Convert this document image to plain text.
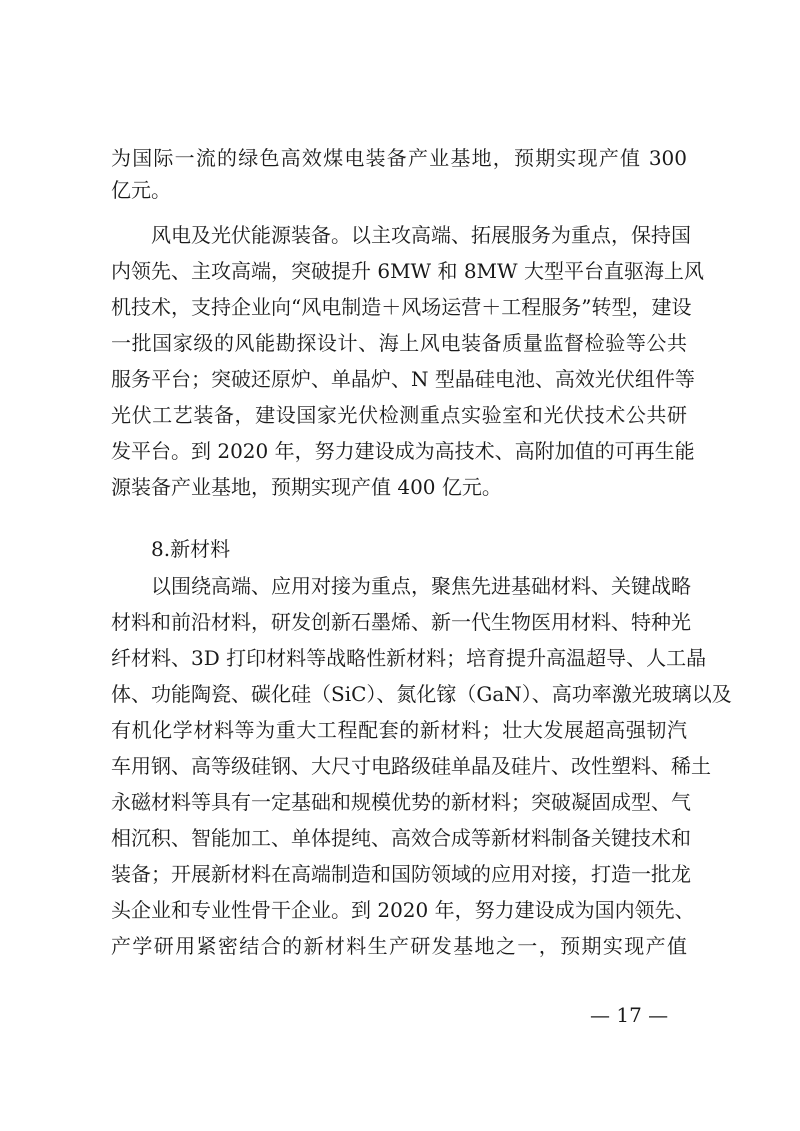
为国际一流的绿色高效煤电装备产业基地，预期实现产值 300
亿元。
风电及光伏能源装备。以主攻高端、拓展服务为重点，保持国
内领先、主攻高端，突破提升 6MW 和 8MW 大型平台直驱海上风
机技术，支持企业向“风电制造＋风场运营＋工程服务”转型，建设
一批国家级的风能勘探设计、海上风电装备质量监督检验等公共
服务平台；突破还原炉、单晶炉、N 型晶硅电池、高效光伏组件等
光伏工艺装备，建设国家光伏检测重点实验室和光伏技术公共研
发平台。到 2020 年，努力建设成为高技术、高附加值的可再生能
源装备产业基地，预期实现产值 400 亿元。
8.新材料
以围绕高端、应用对接为重点，聚焦先进基础材料、关键战略
材料和前沿材料，研发创新石墨烯、新一代生物医用材料、特种光
纤材料、3D 打印材料等战略性新材料；培育提升高温超导、人工晶
体、功能陶瓷、碳化硅（SiC）、氮化镓（GaN）、高功率激光玻璃以及
有机化学材料等为重大工程配套的新材料；壮大发展超高强韧汽
车用钢、高等级硅钢、大尺寸电路级硅单晶及硅片、改性塑料、稀土
永磁材料等具有一定基础和规模优势的新材料；突破凝固成型、气
相沉积、智能加工、单体提纯、高效合成等新材料制备关键技术和
装备；开展新材料在高端制造和国防领域的应用对接，打造一批龙
头企业和专业性骨干企业。到 2020 年，努力建设成为国内领先、
产学研用紧密结合的新材料生产研发基地之一，预期实现产值
— 17 —
